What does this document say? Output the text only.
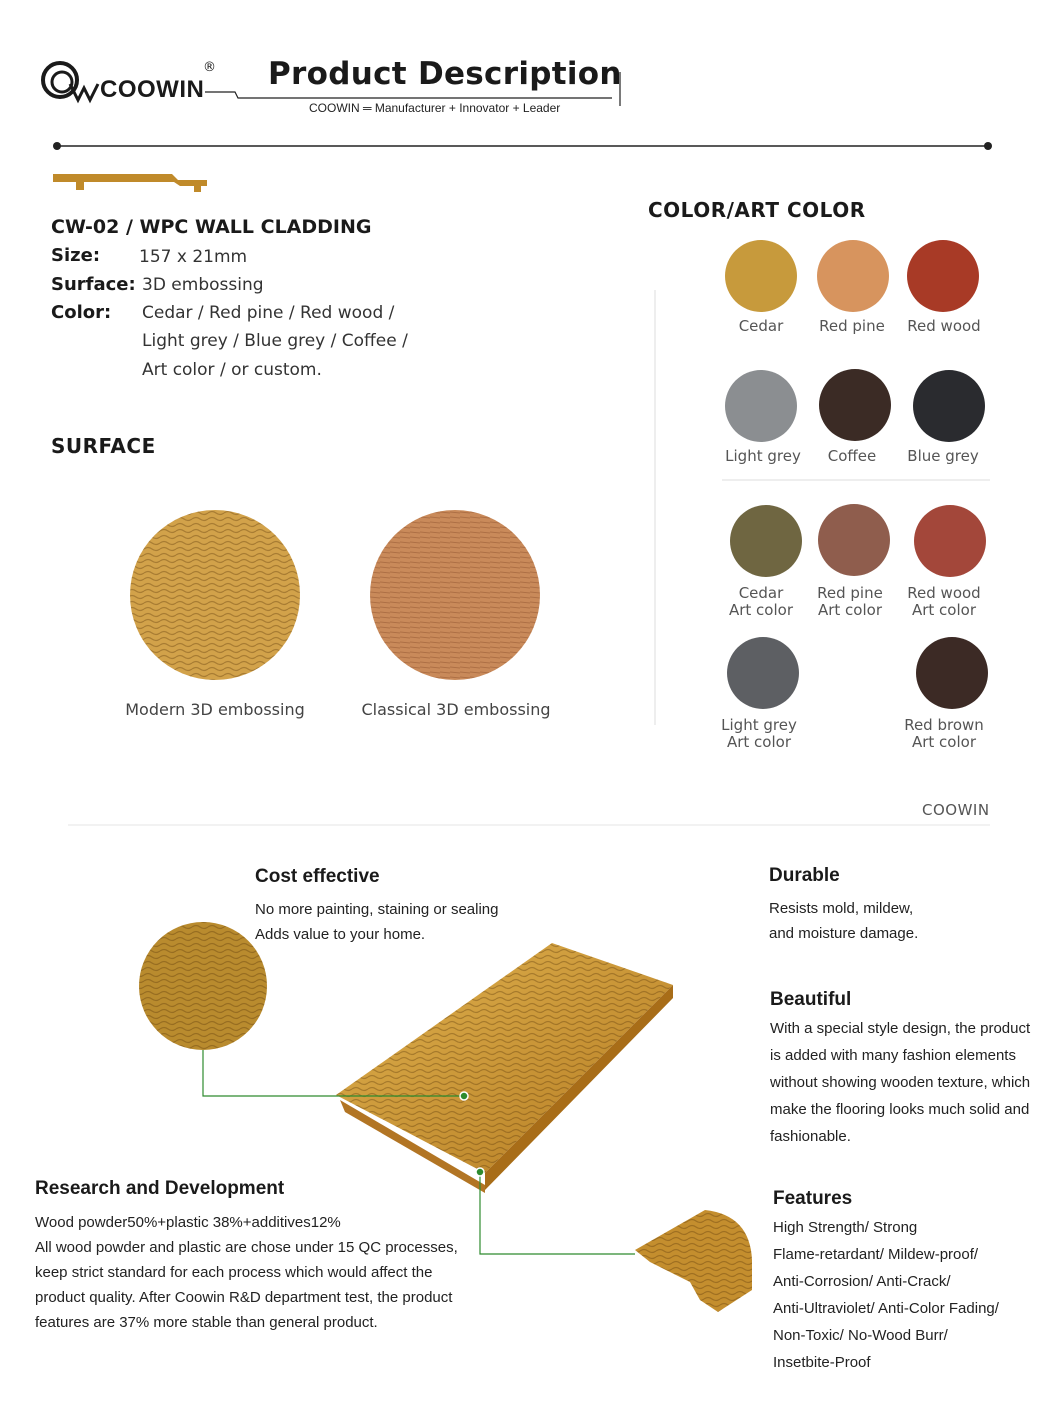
COOWIN
® Product Description
COOWIN ═ Manufacturer + Innovator + Leader
CW-02 / WPC WALL CLADDING
Size: 157 x 21mm
Surface: 3D embossing
Color: Cedar / Red pine / Red wood /
Light grey / Blue grey / Coffee /
Art color / or custom.
SURFACE
Modern 3D embossing	Classical 3D embossing
COLOR/ART COLOR
Cedar	Red pine	Red wood
Light grey	Coffee	Blue grey
Cedar
Art color
Red pine
Art color
Red wood
Art color
Light grey
Art color
Red brown
Art color
COOWIN
Cost effective
No more painting, staining or sealing
Adds value to your home.
Durable
Resists mold, mildew,
and moisture damage.
Beautiful
With a special style design, the product
is added with many fashion elements
without showing wooden texture, which
make the flooring looks much solid and
fashionable.
Research and Development
Wood powder50%+plastic 38%+additives12%
All wood powder and plastic are chose under 15 QC processes,
keep strict standard for each process which would affect the
product quality. After Coowin R&D department test, the product
features are 37% more stable than general product.
Features
High Strength/ Strong
Flame-retardant/ Mildew-proof/
Anti-Corrosion/ Anti-Crack/
Anti-Ultraviolet/ Anti-Color Fading/
Non-Toxic/ No-Wood Burr/
Insetbite-Proof
